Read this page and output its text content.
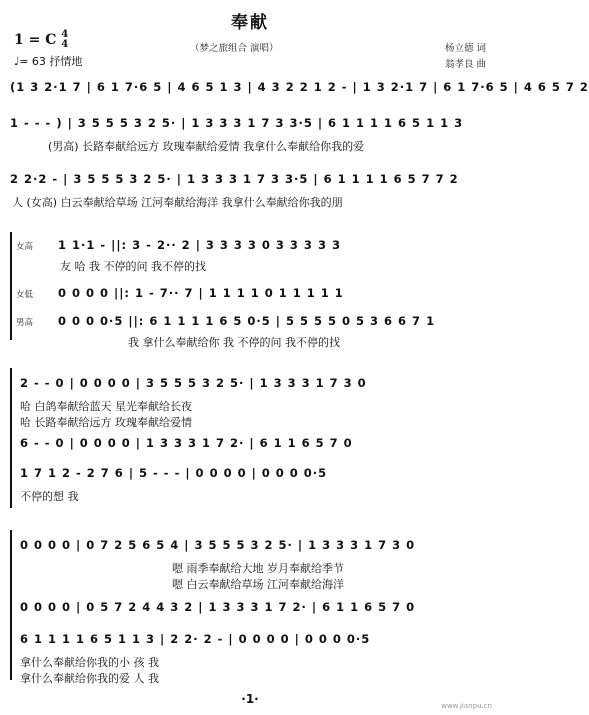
奉献
1 = C 4
4	（梦之旅组合 演唱）	杨立德 词
翁孝良 曲
♩= 63 抒情地
(1 3 2·1 7 | 6 1 7·6 5 | 4 6 5 1 3 | 4 3 2 2 1 2 - | 1 3 2·1 7 | 6 1 7·6 5 | 4 6 5 7 2
1 - - - ) | 3 5 5 5 3 2 5· | 1 3 3 3 1 7 3 3·5 | 6 1 1 1 1 6 5 1 1 3
(男高) 长路奉献给远方 玫瑰奉献给爱情 我拿什么奉献给你我的爱
2 2·2 - | 3 5 5 5 3 2 5· | 1 3 3 3 1 7 3 3·5 | 6 1 1 1 1 6 5 7 7 2
人 (女高) 白云奉献给草场 江河奉献给海洋 我拿什么奉献给你我的朋
女高 1 1·1 - ||: 3 - 2·· 2 | 3 3 3 3 0 3 3 3 3 3
友 哈 我 不停的问 我不停的找
女低 0 0 0 0 ||: 1 - 7·· 7 | 1 1 1 1 0 1 1 1 1 1
男高 0 0 0 0·5 ||: 6 1 1 1 1 6 5 0·5 | 5 5 5 5 0 5 3 6 6 7 1
我 拿什么奉献给你 我 不停的问 我不停的找
2 - - 0 | 0 0 0 0 | 3 5 5 5 3 2 5· | 1 3 3 3 1 7 3 0
哈 白鸽奉献给蓝天 星光奉献给长夜
哈 长路奉献给远方 玫瑰奉献给爱情
6 - - 0 | 0 0 0 0 | 1 3 3 3 1 7 2· | 6 1 1 6 5 7 0
1 7 1 2 - 2 7 6 | 5 - - - | 0 0 0 0 | 0 0 0 0·5
不停的想 我
0 0 0 0 | 0 7 2 5 6 5 4 | 3 5 5 5 3 2 5· | 1 3 3 3 1 7 3 0
嗯 雨季奉献给大地 岁月奉献给季节
嗯 白云奉献给草场 江河奉献给海洋
0 0 0 0 | 0 5 7 2 4 4 3 2 | 1 3 3 3 1 7 2· | 6 1 1 6 5 7 0
6 1 1 1 1 6 5 1 1 3 | 2 2· 2 - | 0 0 0 0 | 0 0 0 0·5
拿什么奉献给你我的小 孩 我
拿什么奉献给你我的爱 人 我
·1·	www.jianpu.cn
